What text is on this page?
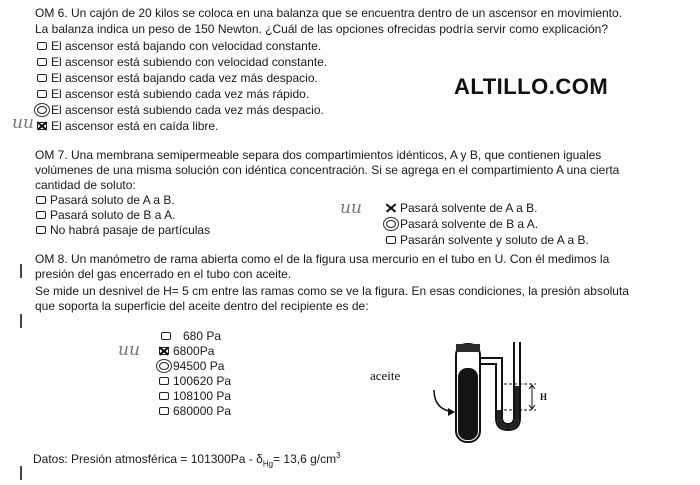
OM 6. Un cajón de 20 kilos se coloca en una balanza que se encuentra dentro de un ascensor en movimiento.
La balanza indica un peso de 150 Newton. ¿Cuál de las opciones ofrecidas podría servir como explicación?
El ascensor está bajando con velocidad constante.
El ascensor está subiendo con velocidad constante.
El ascensor está bajando cada vez más despacio.
El ascensor está subiendo cada vez más rápido.
El ascensor está subiendo cada vez más despacio.
El ascensor está en caída libre.
uu
ALTILLO.COM
OM 7. Una membrana semipermeable separa dos compartimientos idénticos, A y B, que contienen iguales
volúmenes de una misma solución con idéntica concentración. Si se agrega en el compartimiento A una cierta
cantidad de soluto:
Pasará soluto de A a B.
Pasará soluto de B a A.
No habrá pasaje de partículas
uu	Pasará solvente de A a B.
Pasará solvente de B a A.
Pasarán solvente y soluto de A a B.
OM 8. Un manómetro de rama abierta como el de la figura usa mercurio en el tubo en U. Con él medimos la
presión del gas encerrado en el tubo con aceite.
Se mide un desnivel de H= 5 cm entre las ramas como se ve la figura. En esas condiciones, la presión absoluta
que soporta la superficie del aceite dentro del recipiente es de:
uu
680 Pa
6800Pa
94500 Pa
100620 Pa
108100 Pa
680000 Pa
H
aceite
Datos: Presión atmosférica = $101300Pa - \delta_{Hg}= 13,6$ $g/cm^3$
